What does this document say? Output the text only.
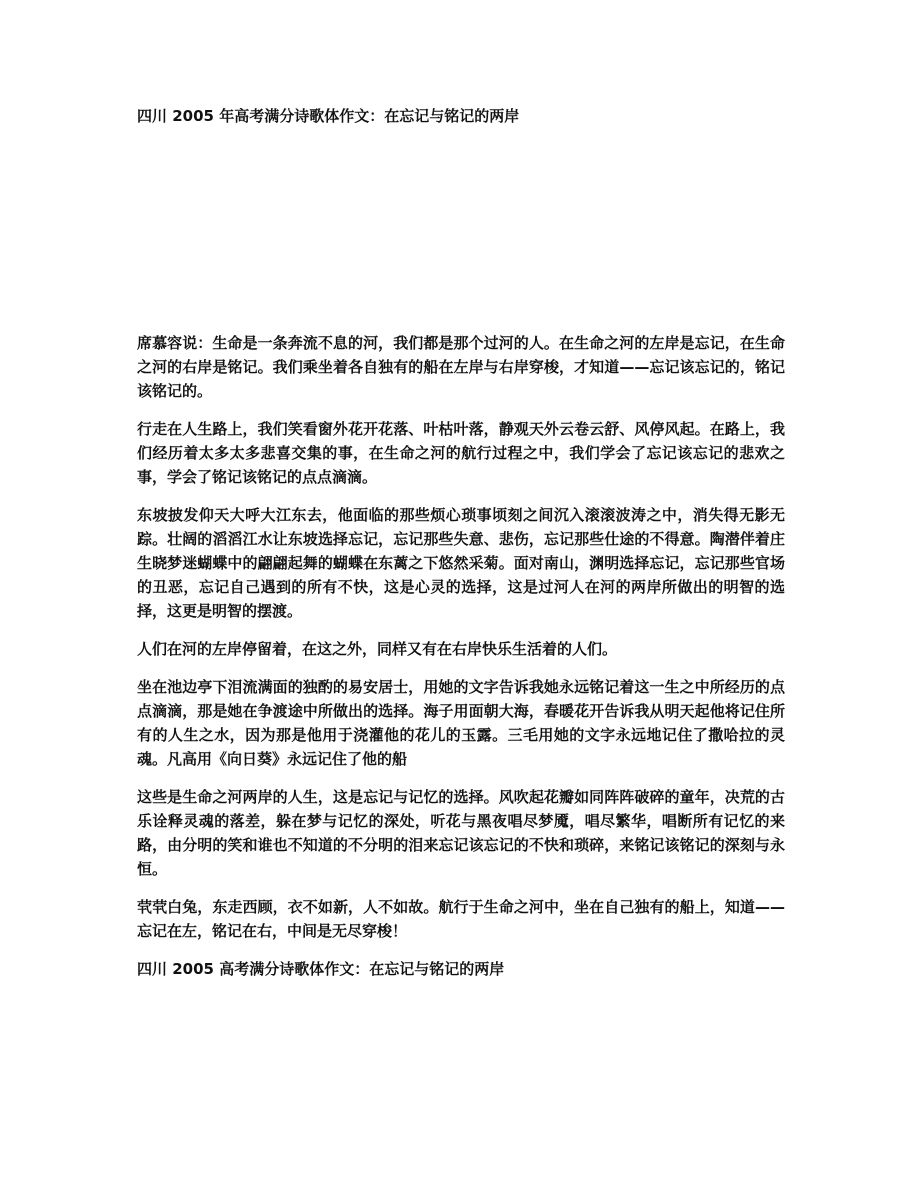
四川 2005 年高考满分诗歌体作文：在忘记与铭记的两岸

席慕容说：生命是一条奔流不息的河，我们都是那个过河的人。在生命之河的左岸是忘记，在生命之河的右岸是铭记。我们乘坐着各自独有的船在左岸与右岸穿梭，才知道——忘记该忘记的，铭记该铭记的。

行走在人生路上，我们笑看窗外花开花落、叶枯叶落，静观天外云卷云舒、风停风起。在路上，我们经历着太多太多悲喜交集的事，在生命之河的航行过程之中，我们学会了忘记该忘记的悲欢之事，学会了铭记该铭记的点点滴滴。

东坡披发仰天大呼大江东去，他面临的那些烦心琐事顷刻之间沉入滚滚波涛之中，消失得无影无踪。壮阔的滔滔江水让东坡选择忘记，忘记那些失意、悲伤，忘记那些仕途的不得意。陶潜伴着庄生晓梦迷蝴蝶中的翩翩起舞的蝴蝶在东蓠之下悠然采菊。面对南山，渊明选择忘记，忘记那些官场的丑恶，忘记自己遇到的所有不快，这是心灵的选择，这是过河人在河的两岸所做出的明智的选择，这更是明智的摆渡。

人们在河的左岸停留着，在这之外，同样又有在右岸快乐生活着的人们。

坐在池边亭下泪流满面的独酌的易安居士，用她的文字告诉我她永远铭记着这一生之中所经历的点点滴滴，那是她在争渡途中所做出的选择。海子用面朝大海，春暖花开告诉我从明天起他将记住所有的人生之水，因为那是他用于浇灌他的花儿的玉露。三毛用她的文字永远地记住了撒哈拉的灵魂。凡高用《向日葵》永远记住了他的船

这些是生命之河两岸的人生，这是忘记与记忆的选择。风吹起花瓣如同阵阵破碎的童年，决荒的古乐诠释灵魂的落差，躲在梦与记忆的深处，听花与黑夜唱尽梦魇，唱尽繁华，唱断所有记忆的来路，由分明的笑和谁也不知道的不分明的泪来忘记该忘记的不快和琐碎，来铭记该铭记的深刻与永恒。

茕茕白兔，东走西顾，衣不如新，人不如故。航行于生命之河中，坐在自己独有的船上，知道——忘记在左，铭记在右，中间是无尽穿梭！

四川 2005 高考满分诗歌体作文：在忘记与铭记的两岸
